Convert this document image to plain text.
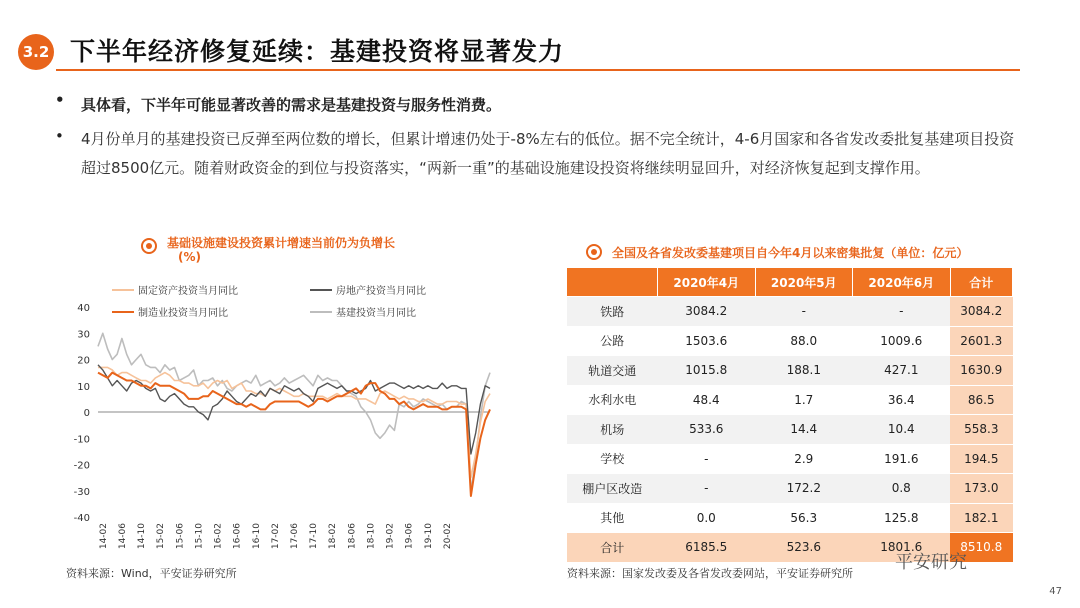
3.2 下半年经济修复延续：基建投资将显著发力
• 具体看，下半年可能显著改善的需求是基建投资与服务性消费。
• 4月份单月的基建投资已反弹至两位数的增长，但累计增速仍处于-8%左右的低位。据不完全统计，4-6月国家和各省发改委批复基建项目投资超过8500亿元。随着财政资金的到位与投资落实，“两新一重”的基础设施建设投资将继续明显回升，对经济恢复起到支撑作用。
基础设施建设投资累计增速当前仍为负增长
(%)
固定资产投资当月同比	房地产投资当月同比
制造业投资当月同比	基建投资当月同比
40
30
20
10
0
-10
-20
-30
-40
14-02 14-06 14-10 15-02 15-06 15-10 16-02 16-06 16-10 17-02 17-06 17-10 18-02 18-06 18-10 19-02 19-06 19-10 20-02
资料来源：Wind，平安证券研究所
全国及各省发改委基建项目自今年4月以来密集批复（单位：亿元）
	2020年4月	2020年5月	2020年6月	合计
铁路	3084.2	-	-	3084.2
公路	1503.6	88.0	1009.6	2601.3
轨道交通	1015.8	188.1	427.1	1630.9
水利水电	48.4	1.7	36.4	86.5
机场	533.6	14.4	10.4	558.3
学校	-	2.9	191.6	194.5
棚户区改造	-	172.2	0.8	173.0
其他	0.0	56.3	125.8	182.1
合计	6185.5	523.6	1801.6	8510.8
资料来源：国家发改委及各省发改委网站，平安证券研究所
平安研究
47
